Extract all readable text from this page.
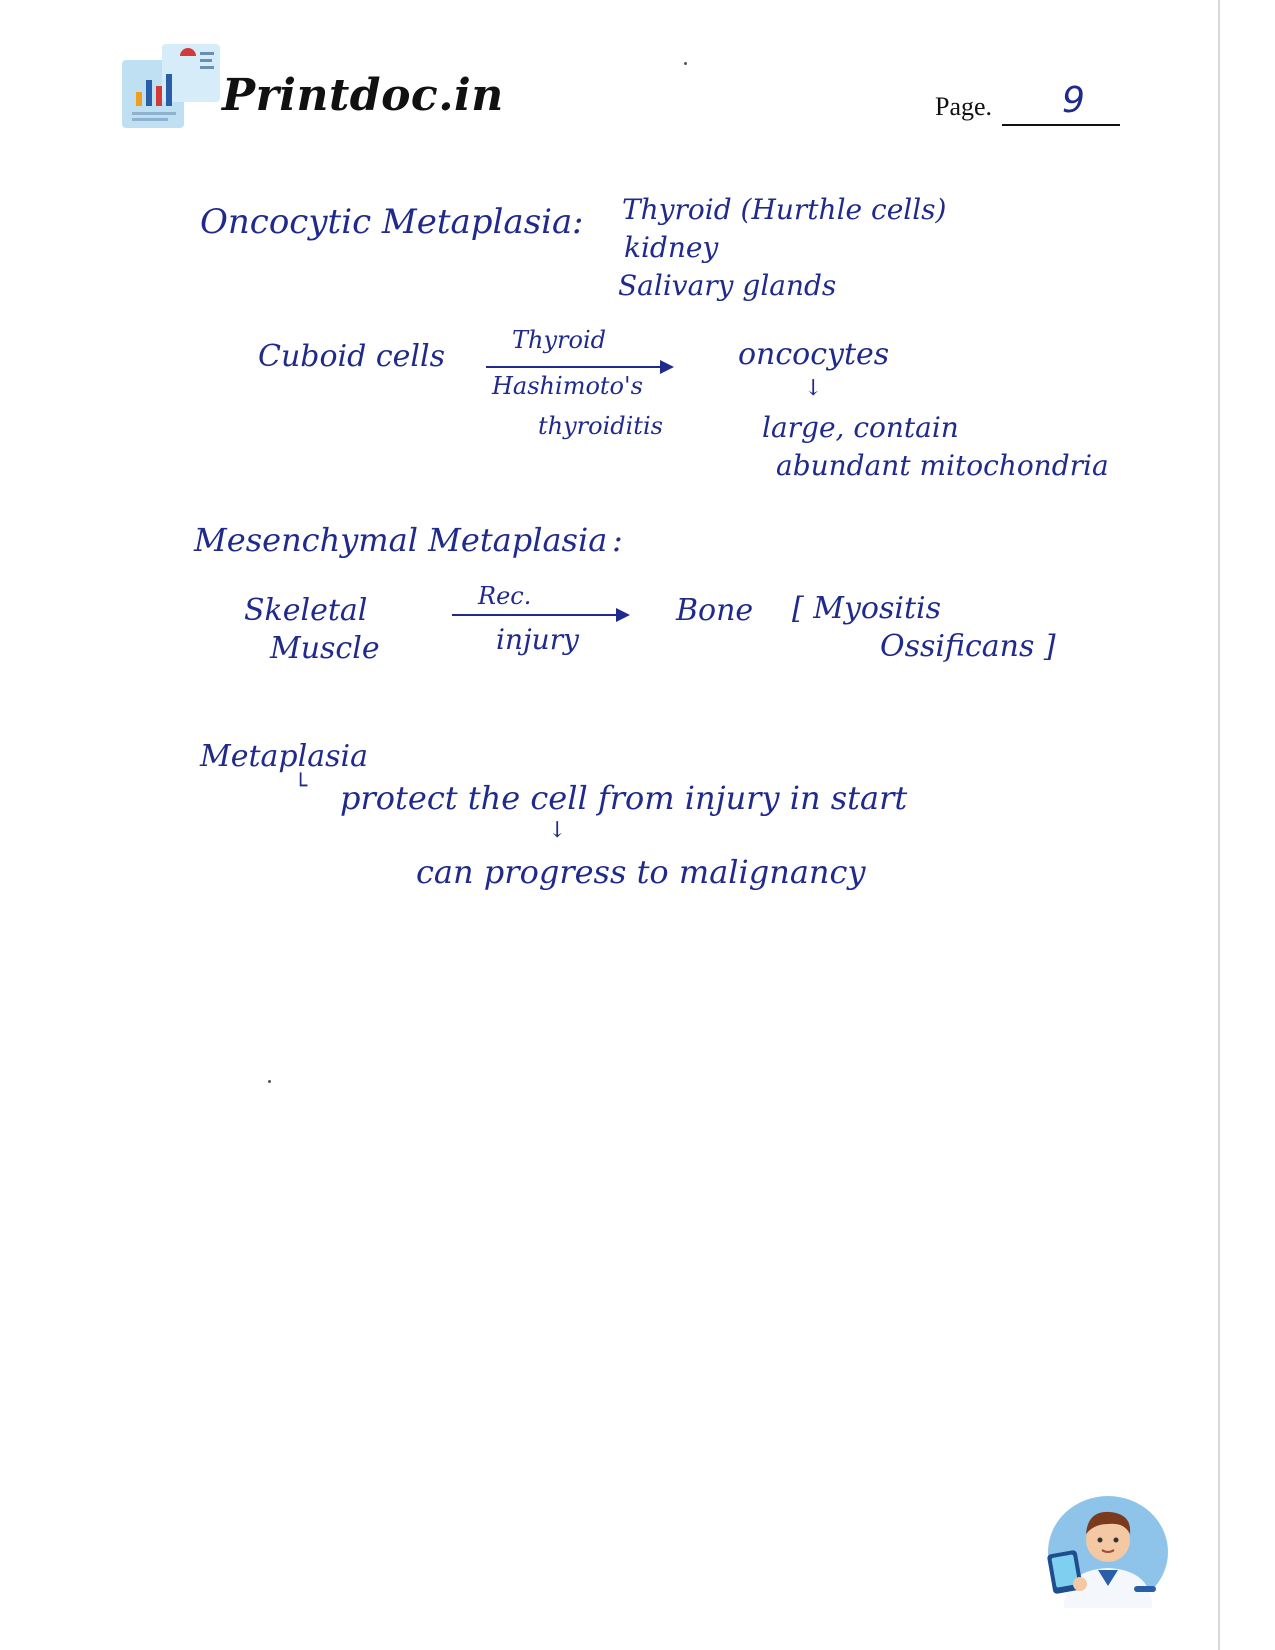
Printdoc.in	Page. 9
Oncocytic Metaplasia : Thyroid (Hurthle cells)
kidney
Salivary glands
Cuboid cells	Thyroid
Hashimoto's
thyroiditis
oncocytes
↓
large, contain
abundant mitochondria
Mesenchymal Metaplasia :
Skeletal
Muscle
Rec.
injury
Bone [ Myositis
Ossificans ]
Metaplasia
└ protect the cell from injury in start
↓
can progress to malignancy
